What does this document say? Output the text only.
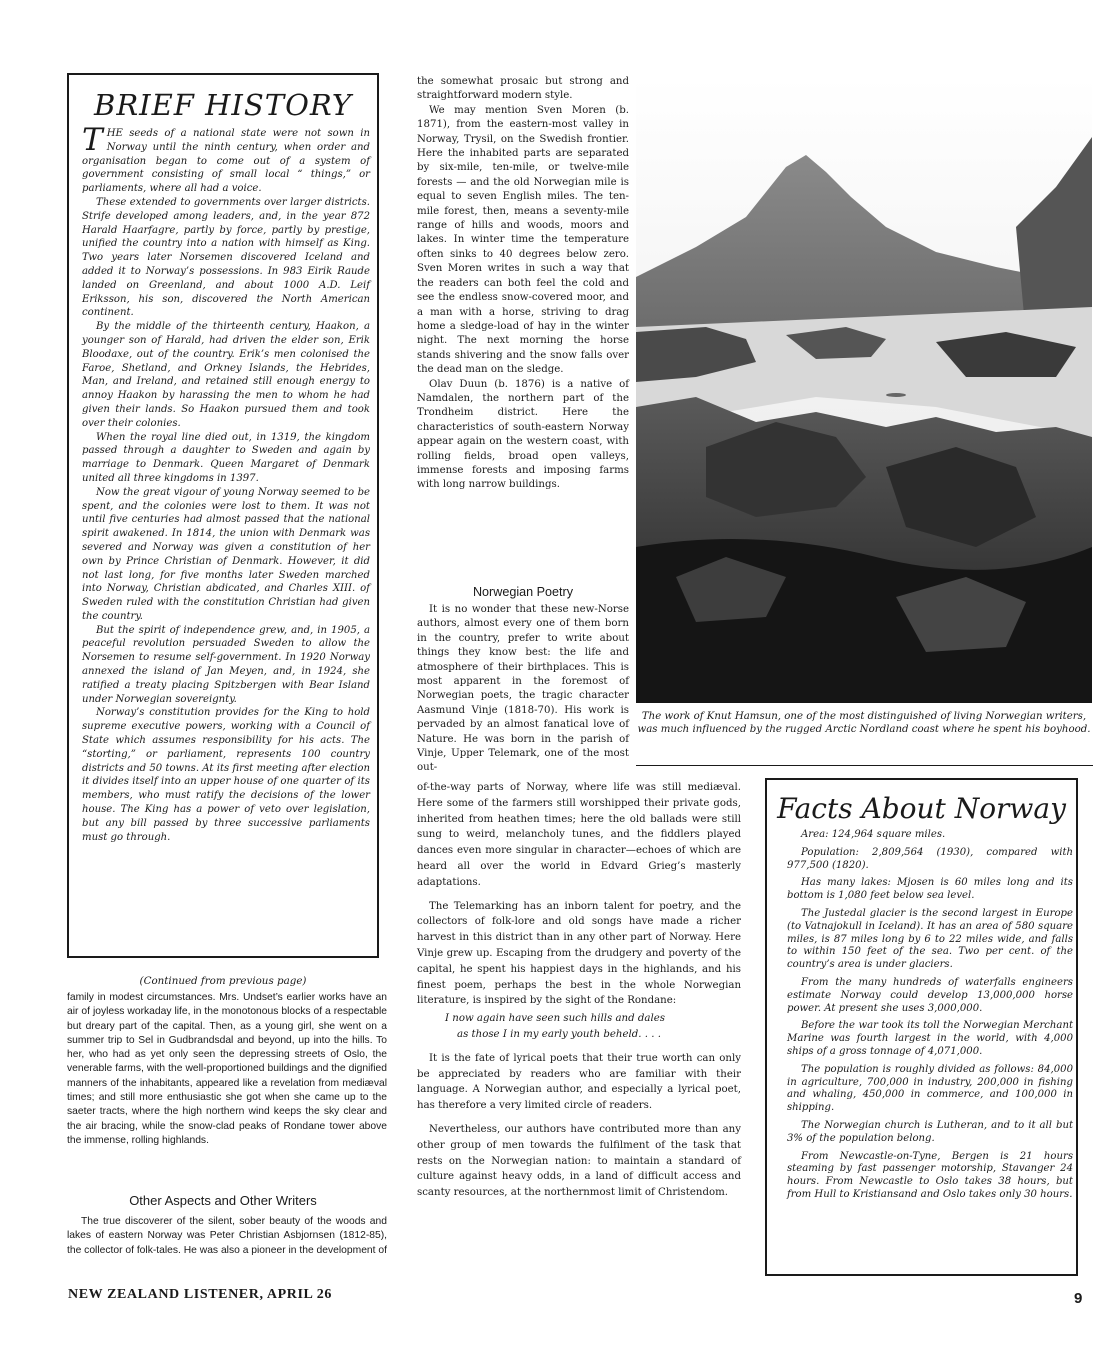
BRIEF HISTORY

THE seeds of a national state were not sown in Norway until the ninth century, when order and organisation began to come out of a system of government consisting of small local “ things,” or parliaments, where all had a voice.

These extended to governments over larger districts. Strife developed among leaders, and, in the year 872 Harald Haarfagre, partly by force, partly by prestige, unified the country into a nation with himself as King. Two years later Norsemen discovered Iceland and added it to Norway’s possessions. In 983 Eirik Raude landed on Greenland, and about 1000 A.D. Leif Eriksson, his son, discovered the North American continent.

By the middle of the thirteenth century, Haakon, a younger son of Harald, had driven the elder son, Erik Bloodaxe, out of the country. Erik’s men colonised the Faroe, Shetland, and Orkney Islands, the Hebrides, Man, and Ireland, and retained still enough energy to annoy Haakon by harassing the men to whom he had given their lands. So Haakon pursued them and took over their colonies.

When the royal line died out, in 1319, the kingdom passed through a daughter to Sweden and again by marriage to Denmark. Queen Margaret of Denmark united all three kingdoms in 1397.

Now the great vigour of young Norway seemed to be spent, and the colonies were lost to them. It was not until five centuries had almost passed that the national spirit awakened. In 1814, the union with Denmark was severed and Norway was given a constitution of her own by Prince Christian of Denmark. However, it did not last long, for five months later Sweden marched into Norway, Christian abdicated, and Charles XIII. of Sweden ruled with the constitution Christian had given the country.

But the spirit of independence grew, and, in 1905, a peaceful revolution persuaded Sweden to allow the Norsemen to resume self-government. In 1920 Norway annexed the island of Jan Meyen, and, in 1924, she ratified a treaty placing Spitzbergen with Bear Island under Norwegian sovereignty.

Norway’s constitution provides for the King to hold supreme executive powers, working with a Council of State which assumes responsibility for his acts. The “storting,” or parliament, represents 100 country districts and 50 towns. At its first meeting after election it divides itself into an upper house of one quarter of its members, who must ratify the decisions of the lower house. The King has a power of veto over legislation, but any bill passed by three successive parliaments must go through.

(Continued from previous page)

family in modest circumstances. Mrs. Undset’s earlier works have an air of joyless workaday life, in the monotonous blocks of a respectable but dreary part of the capital. Then, as a young girl, she went on a summer trip to Sel in Gudbrandsdal and beyond, up into the hills. To her, who had as yet only seen the depressing streets of Oslo, the venerable farms, with the well-proportioned buildings and the dignified manners of the inhabitants, appeared like a revelation from mediæval times; and still more enthusiastic she got when she came up to the saeter tracts, where the high northern wind keeps the sky clear and the air bracing, while the snow-clad peaks of Rondane tower above the immense, rolling highlands.

Other Aspects and Other Writers

The true discoverer of the silent, sober beauty of the woods and lakes of eastern Norway was Peter Christian Asbjornsen (1812-85), the collector of folk-tales. He was also a pioneer in the development of

NEW ZEALAND LISTENER, APRIL 26

the somewhat prosaic but strong and straightforward modern style.

We may mention Sven Moren (b. 1871), from the eastern-most valley in Norway, Trysil, on the Swedish frontier. Here the inhabited parts are separated by six-mile, ten-mile, or twelve-mile forests — and the old Norwegian mile is equal to seven English miles. The ten-mile forest, then, means a seventy-mile range of hills and woods, moors and lakes. In winter time the temperature often sinks to 40 degrees below zero. Sven Moren writes in such a way that the readers can both feel the cold and see the endless snow-covered moor, and a man with a horse, striving to drag home a sledge-load of hay in the winter night. The next morning the horse stands shivering and the snow falls over the dead man on the sledge.

Olav Duun (b. 1876) is a native of Namdalen, the northern part of the Trondheim district. Here the characteristics of south-eastern Norway appear again on the western coast, with rolling fields, broad open valleys, immense forests and imposing farms with long narrow buildings.

Norwegian Poetry

It is no wonder that these new-Norse authors, almost every one of them born in the country, prefer to write about things they know best: the life and atmosphere of their birthplaces. This is most apparent in the foremost of Norwegian poets, the tragic character Aasmund Vinje (1818-70). His work is pervaded by an almost fanatical love of Nature. He was born in the parish of Vinje, Upper Telemark, one of the most out-

of-the-way parts of Norway, where life was still mediæval. Here some of the farmers still worshipped their private gods, inherited from heathen times; here the old ballads were still sung to weird, melancholy tunes, and the fiddlers played dances even more singular in character—echoes of which are heard all over the world in Edvard Grieg’s masterly adaptations.

The Telemarking has an inborn talent for poetry, and the collectors of folk-lore and old songs have made a richer harvest in this district than in any other part of Norway. Here Vinje grew up. Escaping from the drudgery and poverty of the capital, he spent his happiest days in the highlands, and his finest poem, perhaps the best in the whole Norwegian literature, is inspired by the sight of the Rondane:

I now again have seen such hills and dales
as those I in my early youth beheld. . . .

It is the fate of lyrical poets that their true worth can only be appreciated by readers who are familiar with their language. A Norwegian author, and especially a lyrical poet, has therefore a very limited circle of readers.

Nevertheless, our authors have contributed more than any other group of men towards the fulfilment of the task that rests on the Norwegian nation: to maintain a standard of culture against heavy odds, in a land of difficult access and scanty resources, at the northernmost limit of Christendom.

The work of Knut Hamsun, one of the most distinguished of living Norwegian writers, was much influenced by the rugged Arctic Nordland coast where he spent his boyhood.
Facts About Norway

Area: 124,964 square miles.

Population: 2,809,564 (1930), compared with 977,500 (1820).

Has many lakes: Mjosen is 60 miles long and its bottom is 1,080 feet below sea level.

The Justedal glacier is the second largest in Europe (to Vatnajokull in Iceland). It has an area of 580 square miles, is 87 miles long by 6 to 22 miles wide, and falls to within 150 feet of the sea. Two per cent. of the country’s area is under glaciers.

From the many hundreds of waterfalls engineers estimate Norway could develop 13,000,000 horse power. At present she uses 3,000,000.

Before the war took its toll the Norwegian Merchant Marine was fourth largest in the world, with 4,000 ships of a gross tonnage of 4,071,000.

The population is roughly divided as follows: 84,000 in agriculture, 700,000 in industry, 200,000 in fishing and whaling, 450,000 in commerce, and 100,000 in shipping.

The Norwegian church is Lutheran, and to it all but 3% of the population belong.

From Newcastle-on-Tyne, Bergen is 21 hours steaming by fast passenger motorship, Stavanger 24 hours. From Newcastle to Oslo takes 38 hours, but from Hull to Kristiansand and Oslo takes only 30 hours.

9
